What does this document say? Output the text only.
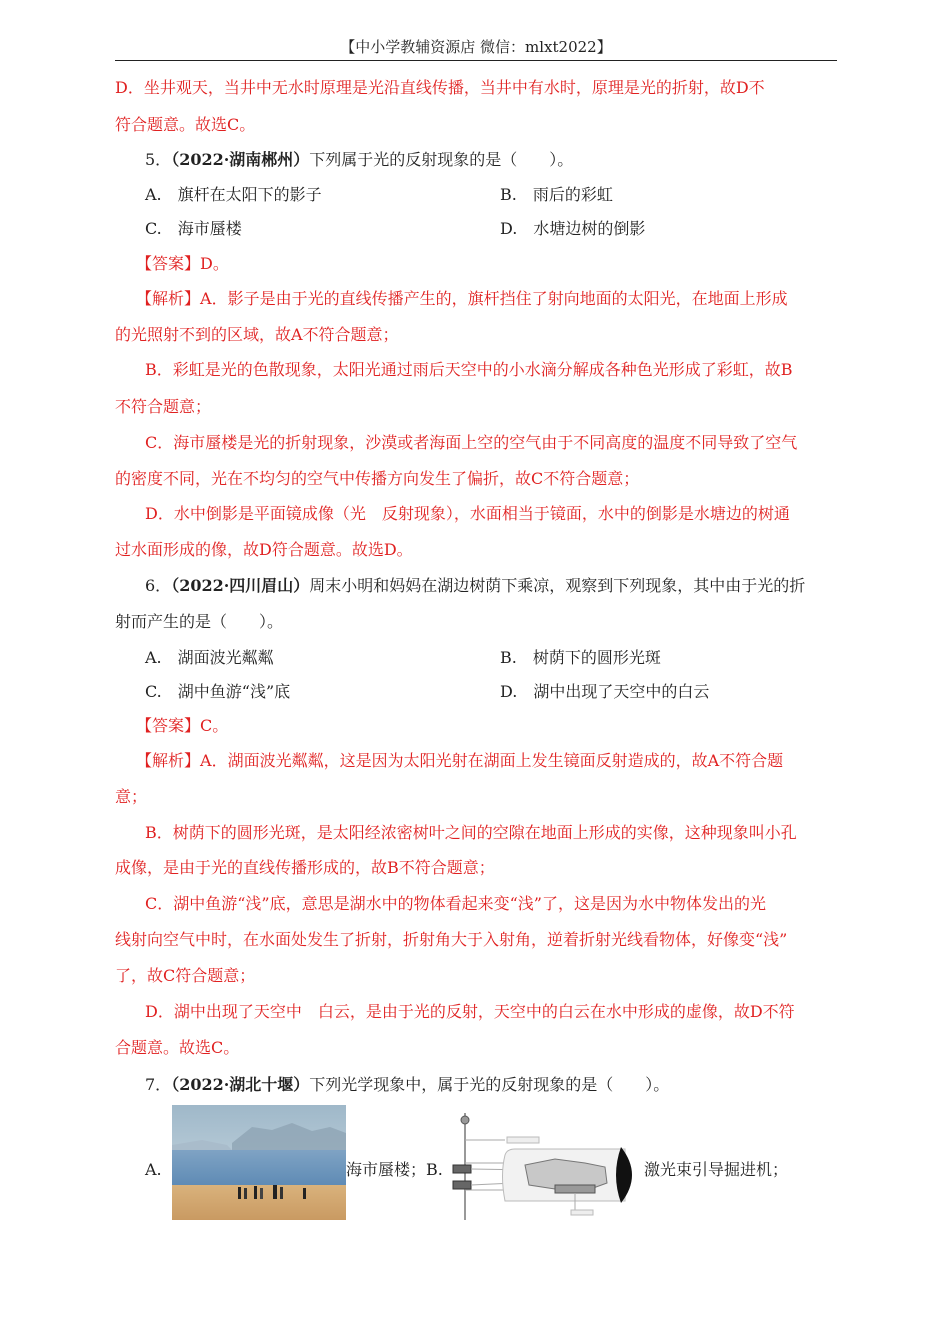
【中小学教辅资源店 微信：mlxt2022】
D．坐井观天，当井中无水时原理是光沿直线传播，当井中有水时，原理是光的折射，故D不
符合题意。故选C。
5．（2022·湖南郴州）下列属于光的反射现象的是（　　）。
A.　旗杆在太阳下的影子	B.　雨后的彩虹
C.　海市蜃楼	D.　水塘边树的倒影
【答案】D。
【解析】A．影子是由于光的直线传播产生的，旗杆挡住了射向地面的太阳光，在地面上形成
的光照射不到的区域，故A不符合题意；
B．彩虹是光的色散现象，太阳光通过雨后天空中的小水滴分解成各种色光形成了彩虹，故B
不符合题意；
C．海市蜃楼是光的折射现象，沙漠或者海面上空的空气由于不同高度的温度不同导致了空气
的密度不同，光在不均匀的空气中传播方向发生了偏折，故C不符合题意；
D．水中倒影是平面镜成像（光　反射现象），水面相当于镜面，水中的倒影是水塘边的树通
过水面形成的像，故D符合题意。故选D。
6．（2022·四川眉山）周末小明和妈妈在湖边树荫下乘凉，观察到下列现象，其中由于光的折
射而产生的是（　　）。
A.　湖面波光粼粼	B.　树荫下的圆形光斑
C.　湖中鱼游“浅”底	D.　湖中出现了天空中的白云
【答案】C。
【解析】A．湖面波光粼粼，这是因为太阳光射在湖面上发生镜面反射造成的，故A不符合题
意；
B．树荫下的圆形光斑，是太阳经浓密树叶之间的空隙在地面上形成的实像，这种现象叫小孔
成像，是由于光的直线传播形成的，故B不符合题意；
C．湖中鱼游“浅”底，意思是湖水中的物体看起来变“浅”了，这是因为水中物体发出的光
线射向空气中时，在水面处发生了折射，折射角大于入射角，逆着折射光线看物体，好像变“浅”
了，故C符合题意；
D．湖中出现了天空中　白云，是由于光的反射，天空中的白云在水中形成的虚像，故D不符
合题意。故选C。
7．（2022·湖北十堰）下列光学现象中，属于光的反射现象的是（　　）。
A.	海市蜃楼；B.	激光束引导掘进机；
